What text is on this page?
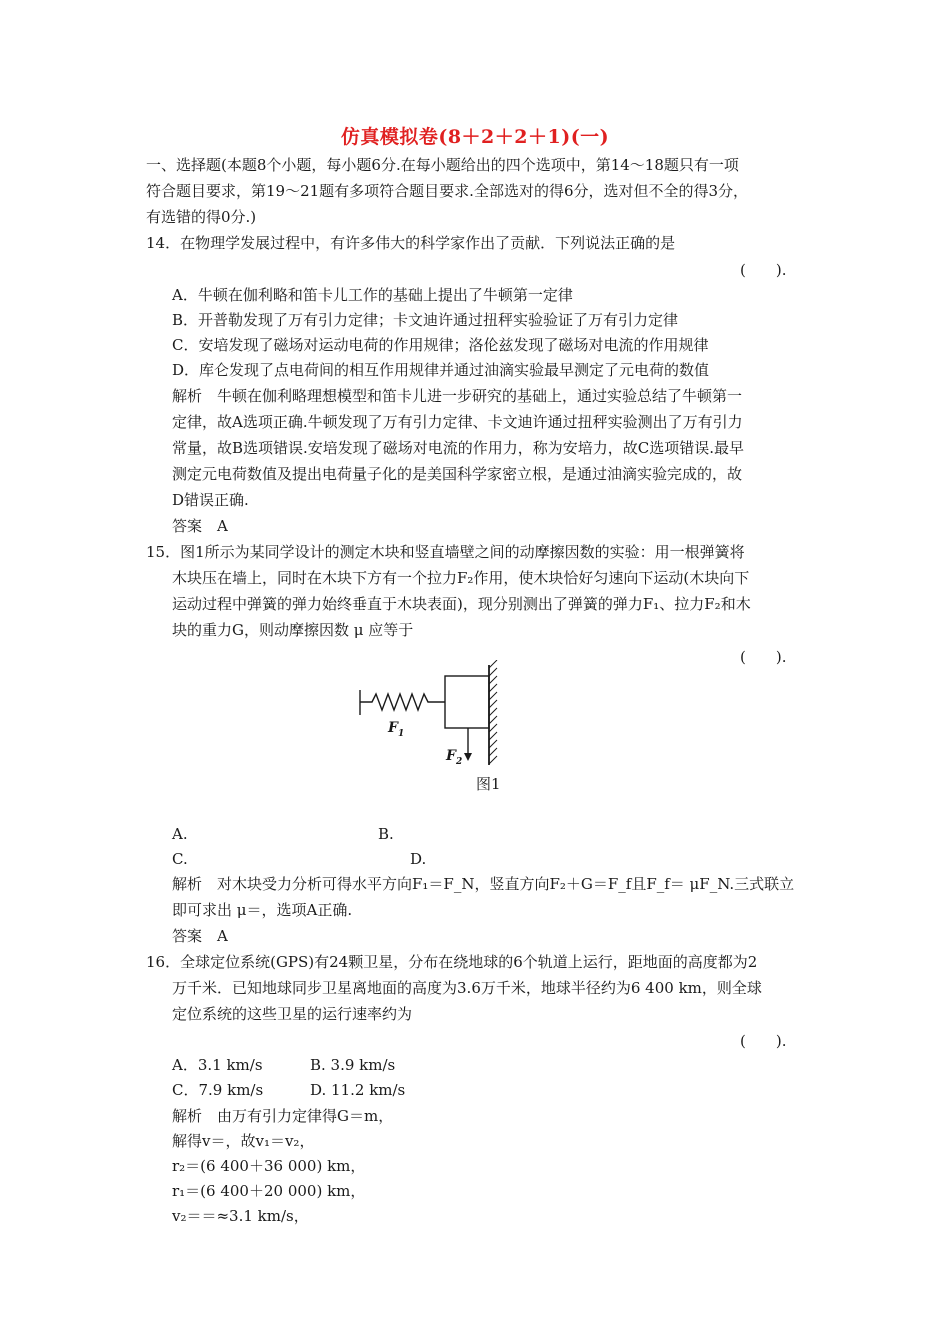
仿真模拟卷(8＋2＋2＋1)(一)
一、选择题(本题8个小题，每小题6分.在每小题给出的四个选项中，第14～18题只有一项
符合题目要求，第19～21题有多项符合题目要求.全部选对的得6分，选对但不全的得3分，
有选错的得0分.)
14．在物理学发展过程中，有许多伟大的科学家作出了贡献．下列说法正确的是
(　　).
A．牛顿在伽利略和笛卡儿工作的基础上提出了牛顿第一定律
B．开普勒发现了万有引力定律；卡文迪许通过扭秤实验验证了万有引力定律
C．安培发现了磁场对运动电荷的作用规律；洛伦兹发现了磁场对电流的作用规律
D．库仑发现了点电荷间的相互作用规律并通过油滴实验最早测定了元电荷的数值
解析　牛顿在伽利略理想模型和笛卡儿进一步研究的基础上，通过实验总结了牛顿第一
定律，故A选项正确.牛顿发现了万有引力定律、卡文迪许通过扭秤实验测出了万有引力
常量，故B选项错误.安培发现了磁场对电流的作用力，称为安培力，故C选项错误.最早
测定元电荷数值及提出电荷量子化的是美国科学家密立根，是通过油滴实验完成的，故
D错误正确.
答案　A
15．图1所示为某同学设计的测定木块和竖直墙壁之间的动摩擦因数的实验：用一根弹簧将
木块压在墙上，同时在木块下方有一个拉力F₂作用，使木块恰好匀速向下运动(木块向下
运动过程中弹簧的弹力始终垂直于木块表面)，现分别测出了弹簧的弹力F₁、拉力F₂和木
块的重力G，则动摩擦因数 μ 应等于
(　　).
$F_1$
$F_2$
图1
A.	B.
C.	D.
解析　对木块受力分析可得水平方向F₁＝F_N，竖直方向F₂＋G＝F_f且F_f＝ μF_N.三式联立
即可求出 μ＝，选项A正确.
答案　A
16．全球定位系统(GPS)有24颗卫星，分布在绕地球的6个轨道上运行，距地面的高度都为2
万千米．已知地球同步卫星离地面的高度为3.6万千米，地球半径约为6 400 km，则全球
定位系统的这些卫星的运行速率约为
(　　).
A．3.1 km/s	B. 3.9 km/s
C．7.9 km/s	D. 11.2 km/s
解析　由万有引力定律得G＝m，
解得v＝，故v₁＝v₂，
r₂＝(6 400＋36 000) km，
r₁＝(6 400＋20 000) km，
v₂＝＝≈3.1 km/s，
